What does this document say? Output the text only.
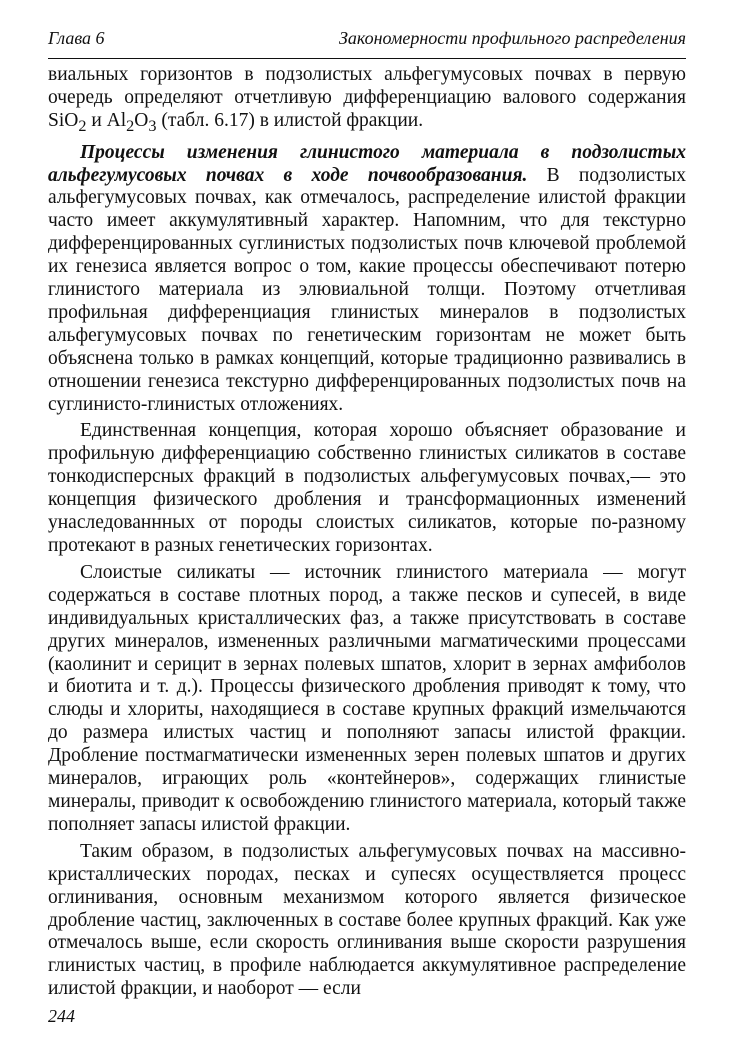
Глава 6	Закономерности профильного распределения

виальных горизонтов в подзолистых альфегумусовых почвах в первую очередь определяют отчетливую дифференциацию валового содержания SiO$_2$ и $Al_2O_3$ (табл. 6.17) в илистой фракции.

Процессы изменения глинистого материала в подзолистых альфегумусовых почвах в ходе почвообразования. В подзолистых альфегумусовых почвах, как отмечалось, распределение илистой фракции часто имеет аккумулятивный характер. Напомним, что для текстурно дифференцированных суглинистых подзолистых почв ключевой проблемой их генезиса является вопрос о том, какие процессы обеспечивают потерю глинистого материала из элювиальной толщи. Поэтому отчетливая профильная дифференциация глинистых минералов в подзолистых альфегумусовых почвах по генетическим горизонтам не может быть объяснена только в рамках концепций, которые традиционно развивались в отношении генезиса текстурно дифференцированных подзолистых почв на суглинисто-глинистых отложениях.

Единственная концепция, которая хорошо объясняет образование и профильную дифференциацию собственно глинистых силикатов в составе тонкодисперсных фракций в подзолистых альфегумусовых почвах,— это концепция физического дробления и трансформационных изменений унаследованнных от породы слоистых силикатов, которые по-разному протекают в разных генетических горизонтах.

Слоистые силикаты — источник глинистого материала — могут содержаться в составе плотных пород, а также песков и супесей, в виде индивидуальных кристаллических фаз, а также присутствовать в составе других минералов, измененных различными магматическими процессами (каолинит и серицит в зернах полевых шпатов, хлорит в зернах амфиболов и биотита и т. д.). Процессы физического дробления приводят к тому, что слюды и хлориты, находящиеся в составе крупных фракций измельчаются до размера илистых частиц и пополняют запасы илистой фракции. Дробление постмагматически измененных зерен полевых шпатов и других минералов, играющих роль «контейнеров», содержащих глинистые минералы, приводит к освобождению глинистого материала, который также пополняет запасы илистой фракции.

Таким образом, в подзолистых альфегумусовых почвах на массивно-кристаллических породах, песках и супесях осуществляется процесс оглинивания, основным механизмом которого является физическое дробление частиц, заключенных в составе более крупных фракций. Как уже отмечалось выше, если скорость оглинивания выше скорости разрушения глинистых частиц, в профиле наблюдается аккумулятивное распределение илистой фракции, и наоборот — если

244
